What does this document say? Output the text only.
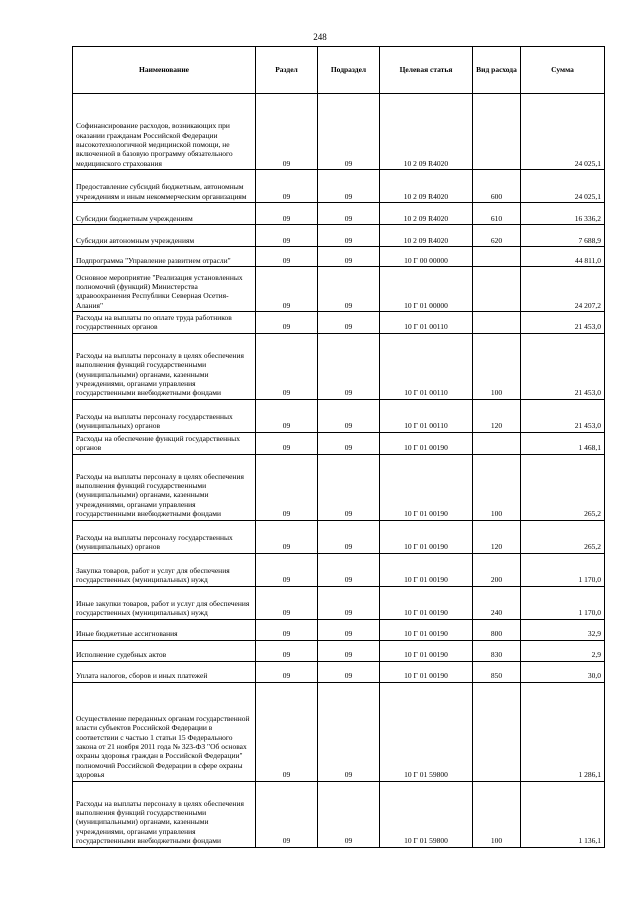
248
Наименование	Раздел	Подраздел	Целевая статья	Вид расхода	Сумма
Софинансирование расходов, возникающих при оказании гражданам Российской Федерации высокотехнологичной медицинской помощи, не включенной в базовую программу обязательного медицинского страхования	09	09	10 2 09 R4020		24 025,1
Предоставление субсидий бюджетным, автономным учреждениям и иным некоммерческим организациям	09	09	10 2 09 R4020	600	24 025,1
Субсидии бюджетным учреждениям	09	09	10 2 09 R4020	610	16 336,2
Субсидии автономным учреждениям	09	09	10 2 09 R4020	620	7 688,9
Подпрограмма "Управление развитием отрасли"	09	09	10 Г 00 00000		44 811,0
Основное мероприятие "Реализация установленных полномочий (функций) Министерства здравоохранения Республики Северная Осетия-Алания"	09	09	10 Г 01 00000		24 207,2
Расходы на выплаты по оплате труда работников государственных органов	09	09	10 Г 01 00110		21 453,0
Расходы на выплаты персоналу в целях обеспечения выполнения функций государственными (муниципальными) органами, казенными учреждениями, органами управления государственными внебюджетными фондами	09	09	10 Г 01 00110	100	21 453,0
Расходы на выплаты персоналу государственных (муниципальных) органов	09	09	10 Г 01 00110	120	21 453,0
Расходы на обеспечение функций государственных органов	09	09	10 Г 01 00190		1 468,1
Расходы на выплаты персоналу в целях обеспечения выполнения функций государственными (муниципальными) органами, казенными учреждениями, органами управления государственными внебюджетными фондами	09	09	10 Г 01 00190	100	265,2
Расходы на выплаты персоналу государственных (муниципальных) органов	09	09	10 Г 01 00190	120	265,2
Закупка товаров, работ и услуг для обеспечения государственных (муниципальных) нужд	09	09	10 Г 01 00190	200	1 170,0
Иные закупки товаров, работ и услуг для обеспечения государственных (муниципальных) нужд	09	09	10 Г 01 00190	240	1 170,0
Иные бюджетные ассигнования	09	09	10 Г 01 00190	800	32,9
Исполнение судебных актов	09	09	10 Г 01 00190	830	2,9
Уплата налогов, сборов и иных платежей	09	09	10 Г 01 00190	850	30,0
Осуществление переданных органам государственной власти субъектов Российской Федерации в соответствии с частью 1 статьи 15 Федерального закона от 21 ноября 2011 года № 323-ФЗ "Об основах охраны здоровья граждан в Российской Федерации" полномочий Российской Федерации в сфере охраны здоровья	09	09	10 Г 01 59800		1 286,1
Расходы на выплаты персоналу в целях обеспечения выполнения функций государственными (муниципальными) органами, казенными учреждениями, органами управления государственными внебюджетными фондами	09	09	10 Г 01 59800	100	1 136,1
